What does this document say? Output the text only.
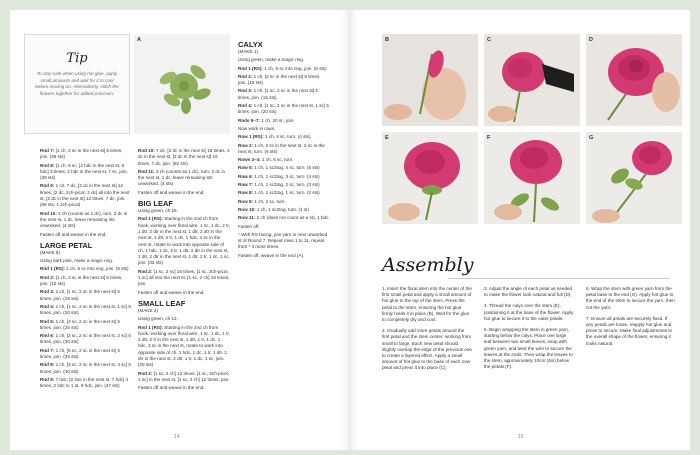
Tip
To stay safe when using hot glue, apply small amounts and wait for it to cool before moving on. Alternatively, stitch the flowers together for added precision.
A
Rnd 7: [1 ch, 2 sc in the next st] 5 times, join. (35 sts)
Rnd 8: [1 ch, 6 sc, [2 hdc in the next st, 6 hdc] 3 times, 2 hdc in the next st, 7 sc, join. (39 sts)
Rnd 9: 1 ch, 7 dc, [2 dc in the next st] 12 times, [2 dc, 2ch-picot, 2 dc] all into the next st, [2 dc in the next st] 12 times, 7 dc, join. (68 sts, 1 2ch-picot)
Rnd 10: 3 ch (counts as 1 dc), turn, 2 dc in the next st, 1 dc, leave remaining sts unworked. (4 sts)
Fasten off and weave in the end.
LARGE PETAL
(MAKE 5)
Using dark pink, make a magic ring.
Rnd 1 (RS): 1 ch, 5 sc into ring, join. (5 sts)
Rnd 2: [1 ch, 2 sc in the next st] 5 times, join. (10 sts)
Rnd 3: 1 ch, [1 sc, 2 sc in the next st] 5 times, join. (15 sts)
Rnd 4: 1 ch, [1 sc, 2 sc in the next st, 1 sc] 5 times, join. (20 sts)
Rnd 5: 1 ch, [3 sc, 2 sc in the next st] 5 times, join. (25 sts)
Rnd 6: 1 ch, [2 sc, 2 sc in the next st, 2 sc] 5 times, join. (30 sts)
Rnd 7: 1 ch, [5 sc, 2 sc in the next st] 5 times, join. (35 sts)
Rnd 8: 1 ch, [3 sc, 2 sc in the next st, 3 sc] 5 times, join. (40 sts)
Rnd 9: 7 hdc, [2 hdc in the next st, 7 hdc] 4 times, 2 hdc in 1 st, 8 hdc, join. (47 sts)
Rnd 10: 7 dc, [2 dc in the next st] 16 times, 4 dc in the next st, [2 dc in the next st] 16 times, 7 dc, join. (82 sts)
Rnd 11: 3 ch (counts as 1 dc), turn, 2 dc in the next st, 1 dc, leave remaining sts unworked. (4 sts)
Fasten off and weave in the end.
BIG LEAF
Using green, ch 15.
Rnd 1 (RS): Starting in the 2nd ch from hook, working over floral wire, 1 sc, 1 dc, 2 tr, 1 dtr, 2 dtr in the next st, 1 dtr, 2 dtr in the next st, 1 dtr, 2 tr, 1 dc, 1 hdc, 3 sc in the next st, rotate to work into opposite side of ch, 1 hdc, 1 dc, 2 tr, 1 dtr, 2 dtr in the next st, 1 dtr, 2 dtr in the next st, 1 dtr, 2 tr, 1 dc, 1 sc, join. (33 sts)
Rnd 2: [1 sc, 2 sc] 16 times, [1 sc, 3ch-picot, 1 sc] all into the next st, [1 sc, 2 ch] 16 times, join.
Fasten off and weave in the end.
SMALL LEAF
(MAKE 2)
Using green, ch 12.
Rnd 1 (RS): Starting in the 2nd ch from hook, working over floral wire, 1 sc, 1 dc, 1 tr, 2 dtr, 2 tr in the next st, 1 dtr, 1 tr, 1 dc, 1 hdc, 3 sc in the next st, rotate to work into opposite side of ch, 1 hdc, 1 dc, 1 tr, 1 dtr, 2 dtr in the next st, 2 dtr, 1 tr, 1 dc, 1 sc, join. (25 sts)
Rnd 2: [1 sc, 2 ch] 12 times, [1 sc, 3ch-picot, 1 sc] in the next st, [1 sc, 2 ch] 12 times, join.
Fasten off and weave in the end.
CALYX
(MAKE 1)
Using green, make a magic ring.
Rnd 1 (RS): 1 ch, 5 sc into ring, join. (5 sts)
Rnd 2: 1 ch, [2 sc in the next st] 5 times, join. (10 sts)
Rnd 3: 1 ch, [1 sc, 2 sc in the next st] 5 times, join. (15 sts)
Rnd 4: 1 ch, [1 sc, 2 sc in the next st, 1 sc] 5 times, join. (20 sts)
Rnds 5–7: 1 ch, 20 sc, join.
Now work in rows.
Row 1 (RS): 1 ch, 4 sc, turn. (4 sts)
Row 2: 1 ch, 2 sc in the next st, 2 sc in the next st, turn. (6 sts)
Rows 3–4: 1 ch, 6 sc, turn.
Row 5: 1 ch, 1 sc2tog, 4 sc, turn. (5 sts)
Row 6: 1 ch, 1 sc2tog, 3 sc, turn. (4 sts)
Row 7: 1 ch, 1 sc2tog, 2 sc, turn. (3 sts)
Row 8: 1 ch, 1 sc2tog, 1 sc, turn. (2 sts)
Row 9: 1 ch, 2 sc, turn.
Row 10: 1 ch, 1 sc2tog, turn. (1 st)
Row 11: 2 ch (does not count as a st), 1 hdc.
Fasten off.
* With RS facing, join yarn in next unworked st of Round 7. Repeat rows 1 to 11, repeat from * 4 more times.
Fasten off, weave in the end (A).
14
B	C	D
E	F	G
Assembly
1. Insert the floral stem into the center of the first small petal and apply a small amount of hot glue to the top of the stem. Press the petal to the stem, ensuring the hot glue firmly holds it in place (B). Wait for the glue to completely dry and cool.
2. Gradually add more petals around the first petal and the stem center, working from small to large. Each new petal should slightly overlap the edge of the previous one to create a layered effect. Apply a small amount of hot glue to the base of each new petal and press it into place (C).
3. Adjust the angle of each petal as needed to make the flower look natural and full (D).
4. Thread the calyx over the stem (E), positioning it at the base of the flower. Apply hot glue to secure it to the outer petals.
5. Begin wrapping the stem in green yarn, starting below the calyx. Place one large leaf between two small leaves, wrap with green yarn, and twist the wire to secure the leaves at the ends. Then wrap the leaves to the stem, approximately 10cm (4in) below the petals (F).
6. Wrap the stem with green yarn from the petal base to the end (G). Apply hot glue to the end of the stem to secure the yarn, then cut the yarn.
7. Ensure all petals are securely fixed. If any petals are loose, reapply hot glue and press to secure. Make final adjustments to the overall shape of the flower, ensuring it looks natural.
15
